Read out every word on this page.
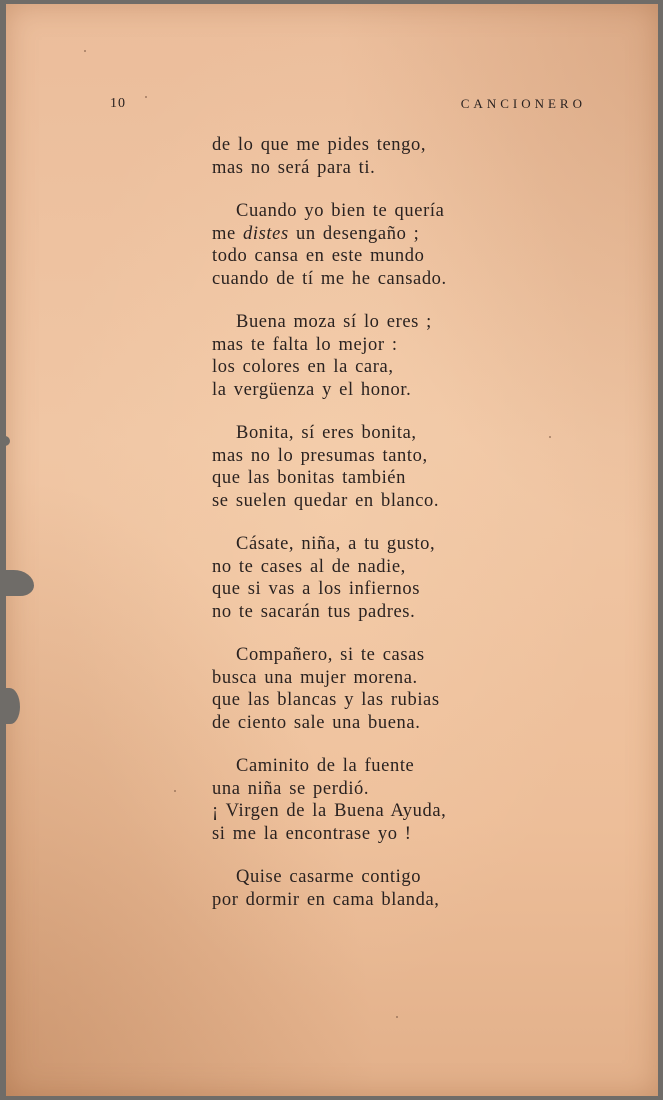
10	CANCIONERO
de lo que me pides tengo,
mas no será para ti.
Cuando yo bien te quería
me distes un desengaño ;
todo cansa en este mundo
cuando de tí me he cansado.
Buena moza sí lo eres ;
mas te falta lo mejor :
los colores en la cara,
la vergüenza y el honor.
Bonita, sí eres bonita,
mas no lo presumas tanto,
que las bonitas también
se suelen quedar en blanco.
Cásate, niña, a tu gusto,
no te cases al de nadie,
que si vas a los infiernos
no te sacarán tus padres.
Compañero, si te casas
busca una mujer morena.
que las blancas y las rubias
de ciento sale una buena.
Caminito de la fuente
una niña se perdió.
¡ Virgen de la Buena Ayuda,
si me la encontrase yo !
Quise casarme contigo
por dormir en cama blanda,
